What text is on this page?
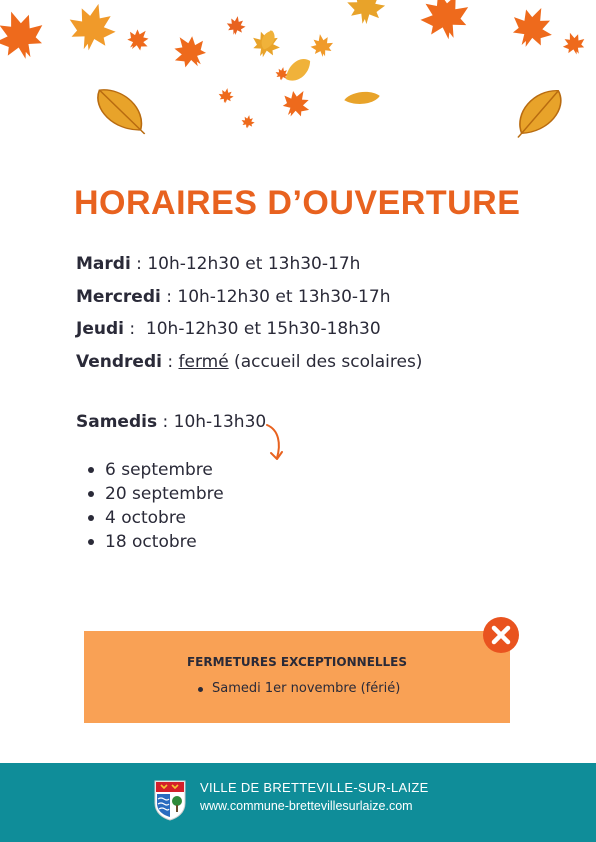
HORAIRES D’OUVERTURE
Mardi : 10h-12h30 et 13h30-17h
Mercredi : 10h-12h30 et 13h30-17h
Jeudi :  10h-12h30 et 15h30-18h30
Vendredi : fermé (accueil des scolaires)
Samedis : 10h-13h30
6 septembre
20 septembre
4 octobre
18 octobre
FERMETURES EXCEPTIONNELLES
Samedi 1er novembre (férié)
VILLE DE BRETTEVILLE-SUR-LAIZE
www.commune-brettevillesurlaize.com
